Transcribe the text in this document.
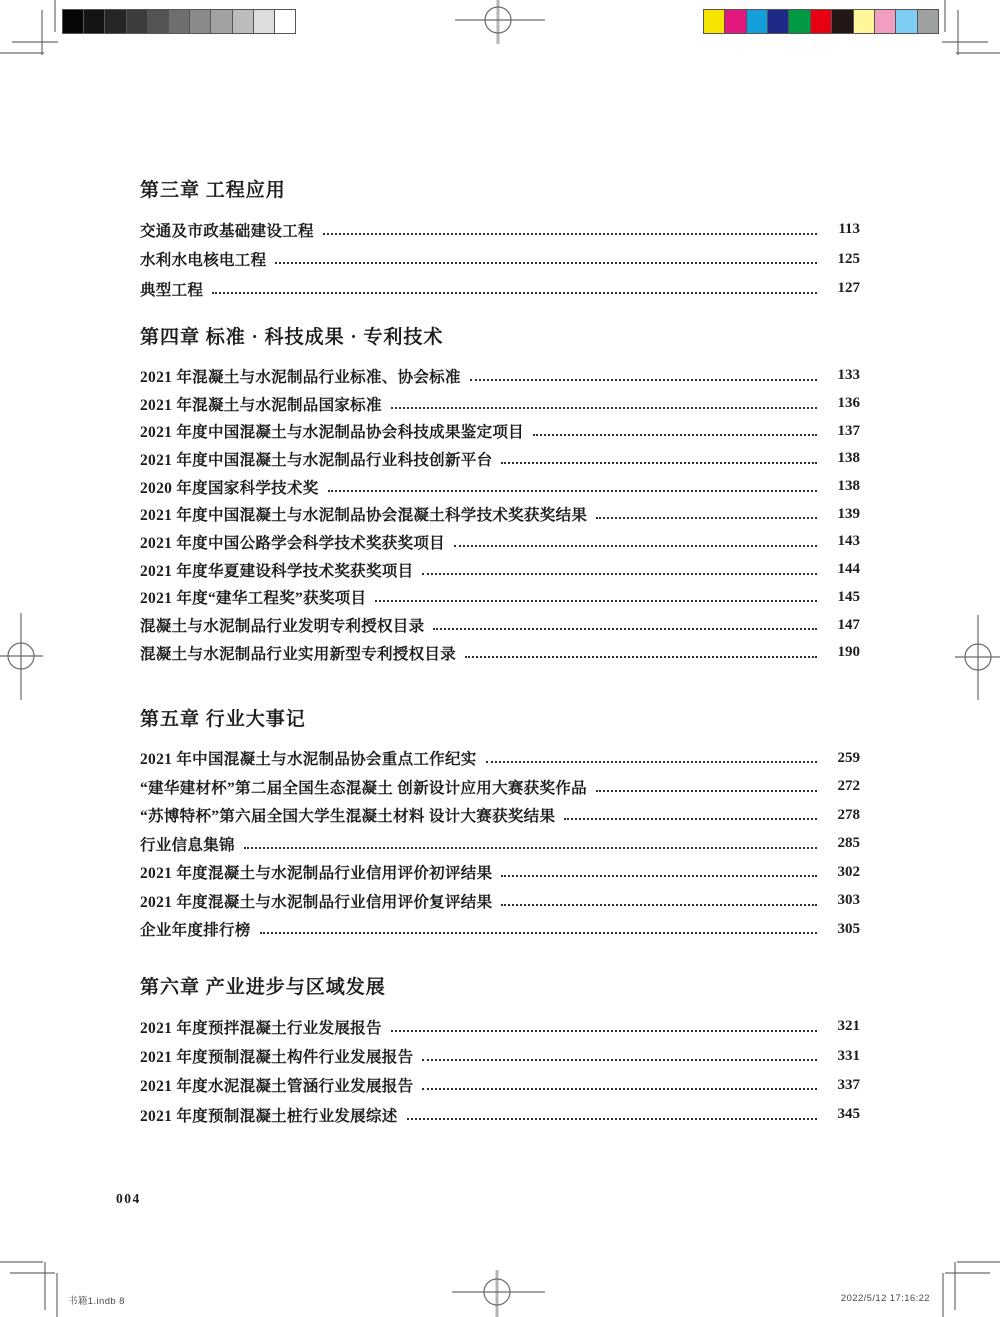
第三章 工程应用
交通及市政基础建设工程	113
水利水电核电工程	125
典型工程	127
第四章 标准 · 科技成果 · 专利技术
2021 年混凝土与水泥制品行业标准、协会标准	133
2021 年混凝土与水泥制品国家标准	136
2021 年度中国混凝土与水泥制品协会科技成果鉴定项目	137
2021 年度中国混凝土与水泥制品行业科技创新平台	138
2020 年度国家科学技术奖	138
2021 年度中国混凝土与水泥制品协会混凝土科学技术奖获奖结果	139
2021 年度中国公路学会科学技术奖获奖项目	143
2021 年度华夏建设科学技术奖获奖项目	144
2021 年度“建华工程奖”获奖项目	145
混凝土与水泥制品行业发明专利授权目录	147
混凝土与水泥制品行业实用新型专利授权目录	190
第五章 行业大事记
2021 年中国混凝土与水泥制品协会重点工作纪实	259
“建华建材杯”第二届全国生态混凝土 创新设计应用大赛获奖作品	272
“苏博特杯”第六届全国大学生混凝土材料 设计大赛获奖结果	278
行业信息集锦	285
2021 年度混凝土与水泥制品行业信用评价初评结果	302
2021 年度混凝土与水泥制品行业信用评价复评结果	303
企业年度排行榜	305
第六章 产业进步与区域发展
2021 年度预拌混凝土行业发展报告	321
2021 年度预制混凝土构件行业发展报告	331
2021 年度水泥混凝土管涵行业发展报告	337
2021 年度预制混凝土桩行业发展综述	345
004
书籍1.indb 8	2022/5/12 17:16:22
